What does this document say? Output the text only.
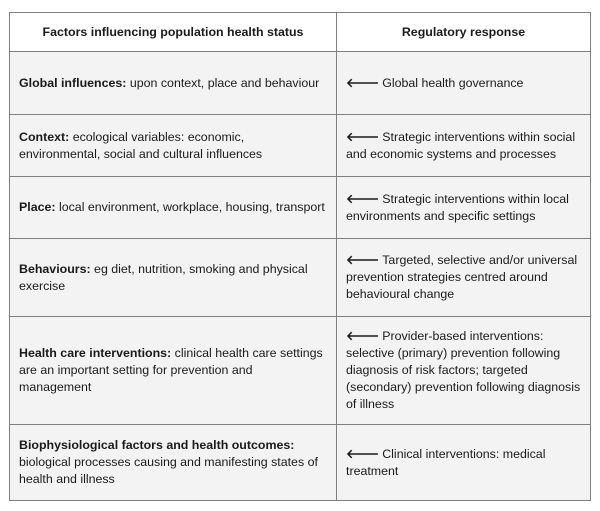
Factors influencing population health status	Regulatory response
Global influences: upon context, place and behaviour	🡐 Global health governance
Context: ecological variables: economic, environmental, social and cultural influences	🡐 Strategic interventions within social and economic systems and processes
Place: local environment, workplace, housing, transport	🡐 Strategic interventions within local environments and specific settings
Behaviours: eg diet, nutrition, smoking and physical exercise	🡐 Targeted, selective and/or universal prevention strategies centred around behavioural change
Health care interventions: clinical health care settings are an important setting for prevention and management	🡐 Provider-based interventions: selective (primary) prevention following diagnosis of risk factors; targeted (secondary) prevention following diagnosis of illness
Biophysiological factors and health outcomes: biological processes causing and manifesting states of health and illness	🡐 Clinical interventions: medical treatment
